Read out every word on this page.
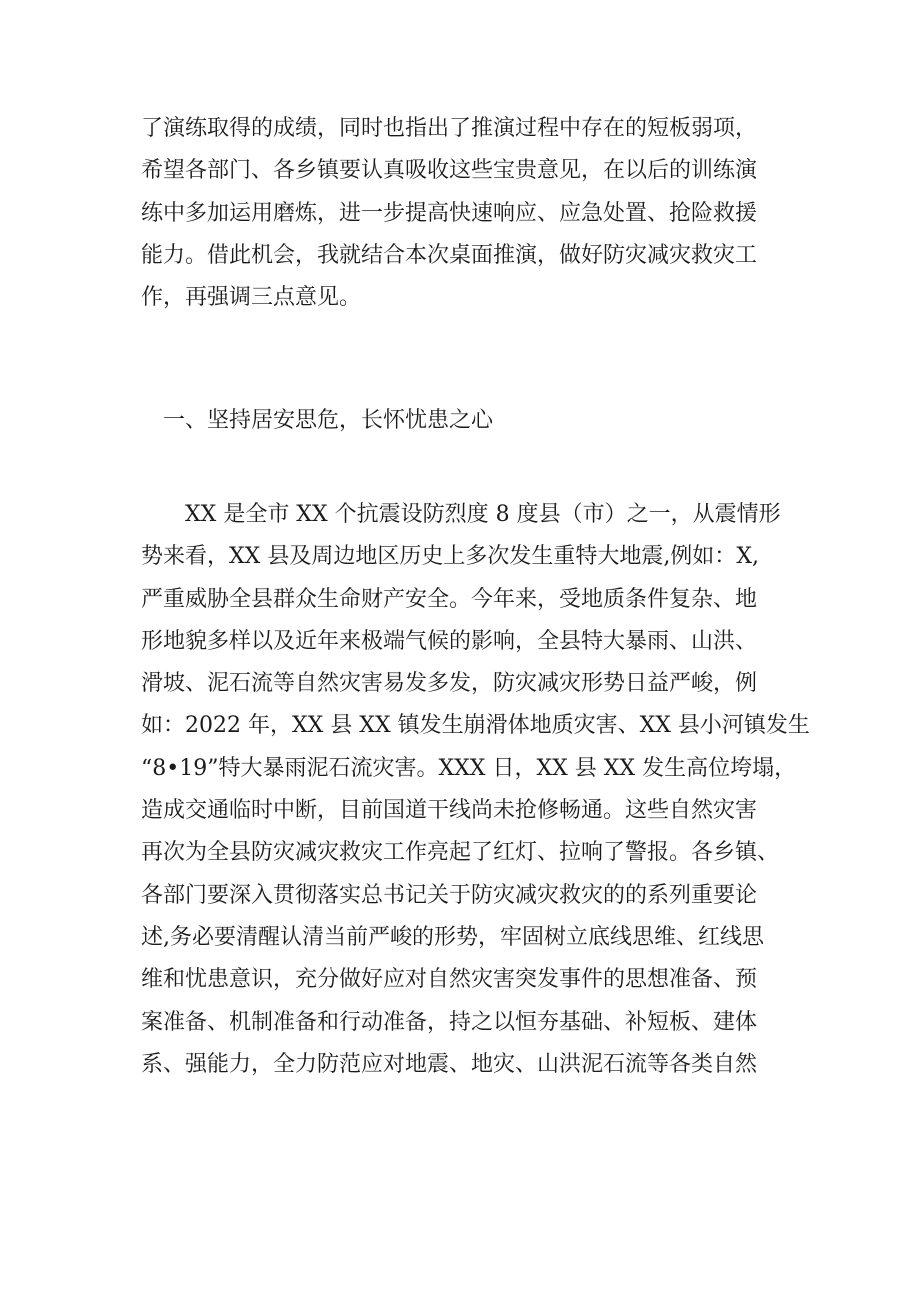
了演练取得的成绩，同时也指出了推演过程中存在的短板弱项，
希望各部门、各乡镇要认真吸收这些宝贵意见，在以后的训练演
练中多加运用磨炼，进一步提高快速响应、应急处置、抢险救援
能力。借此机会，我就结合本次桌面推演，做好防灾减灾救灾工
作，再强调三点意见。
一、坚持居安思危，长怀忧患之心
XX 是全市 XX 个抗震设防烈度 8 度县（市）之一，从震情形
势来看，XX 县及周边地区历史上多次发生重特大地震,例如：X,
严重威胁全县群众生命财产安全。今年来，受地质条件复杂、地
形地貌多样以及近年来极端气候的影响，全县特大暴雨、山洪、
滑坡、泥石流等自然灾害易发多发，防灾减灾形势日益严峻，例
如：2022 年，XX 县 XX 镇发生崩滑体地质灾害、XX 县小河镇发生
“8•19”特大暴雨泥石流灾害。XXX 日，XX 县 XX 发生高位垮塌，
造成交通临时中断，目前国道干线尚未抢修畅通。这些自然灾害
再次为全县防灾减灾救灾工作亮起了红灯、拉响了警报。各乡镇、
各部门要深入贯彻落实总书记关于防灾减灾救灾的的系列重要论
述,务必要清醒认清当前严峻的形势，牢固树立底线思维、红线思
维和忧患意识，充分做好应对自然灾害突发事件的思想准备、预
案准备、机制准备和行动准备，持之以恒夯基础、补短板、建体
系、强能力，全力防范应对地震、地灾、山洪泥石流等各类自然
